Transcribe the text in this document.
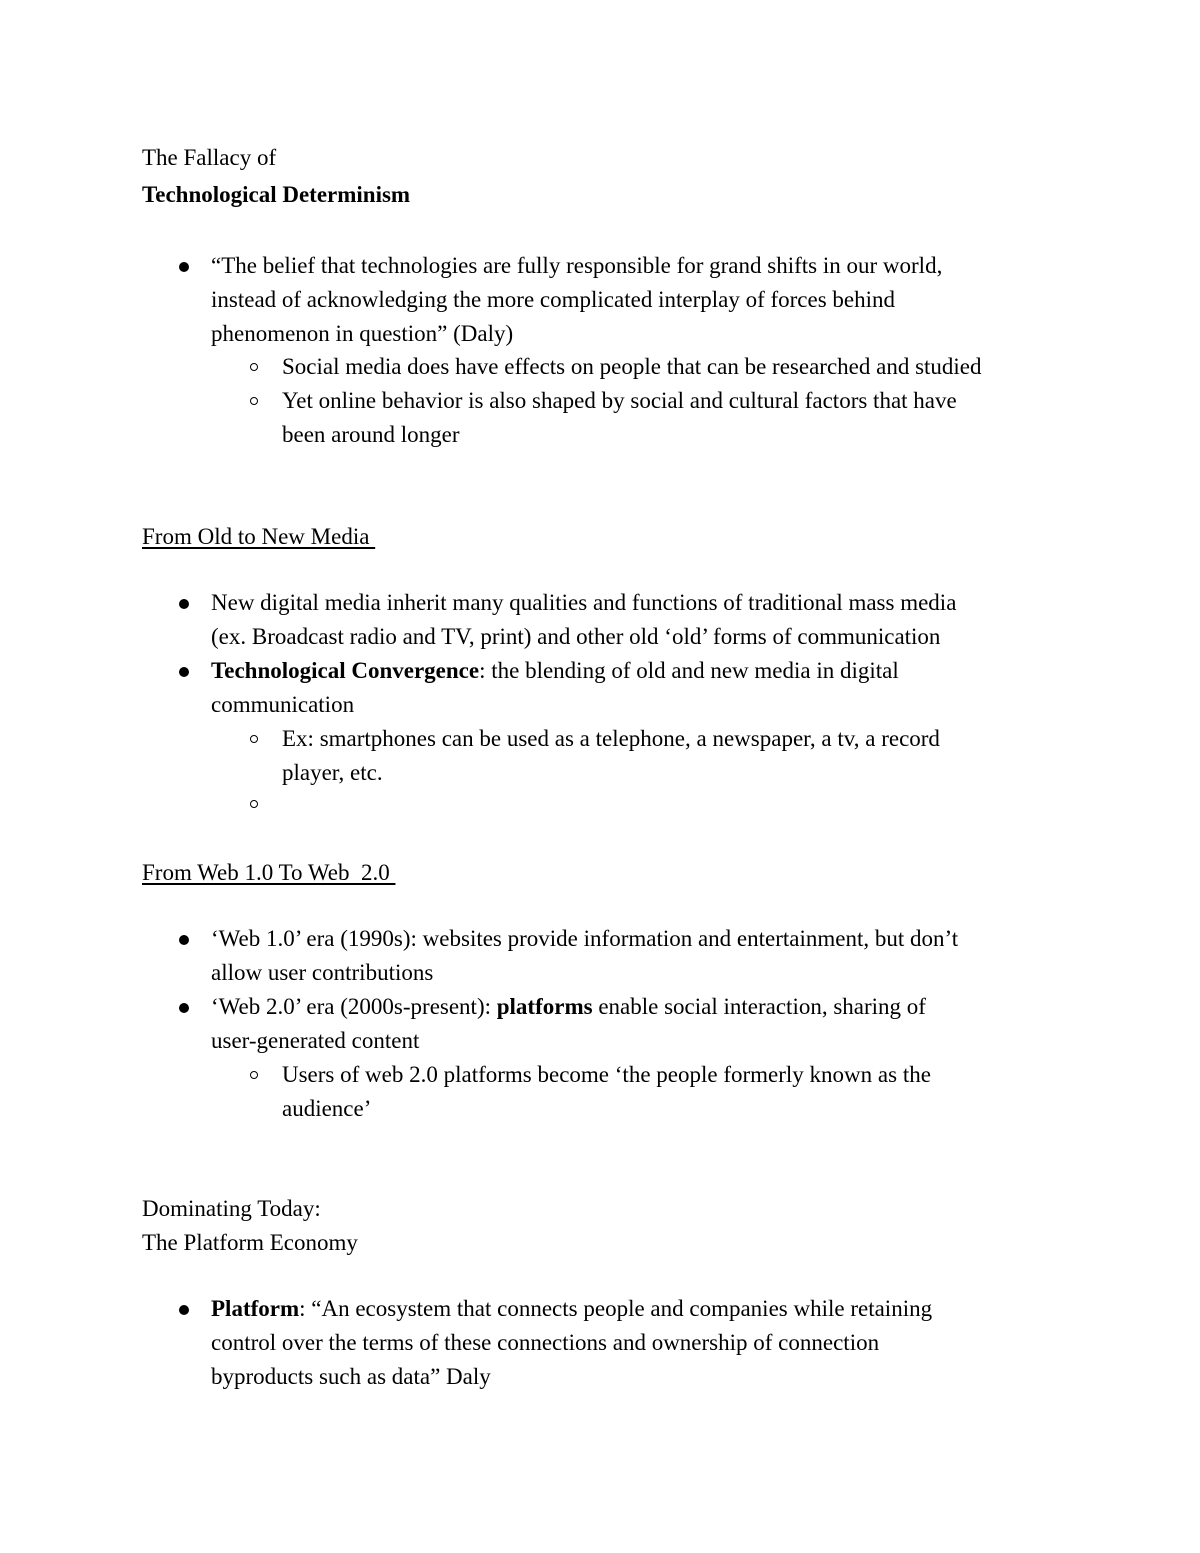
The Fallacy of
Technological Determinism
“The belief that technologies are fully responsible for grand shifts in our world,
instead of acknowledging the more complicated interplay of forces behind
phenomenon in question” (Daly)
Social media does have effects on people that can be researched and studied
Yet online behavior is also shaped by social and cultural factors that have
been around longer
From Old to New Media
New digital media inherit many qualities and functions of traditional mass media
(ex. Broadcast radio and TV, print) and other old ‘old’ forms of communication
Technological Convergence: the blending of old and new media in digital
communication
Ex: smartphones can be used as a telephone, a newspaper, a tv, a record
player, etc.
From Web 1.0 To Web  2.0
‘Web 1.0’ era (1990s): websites provide information and entertainment, but don’t
allow user contributions
‘Web 2.0’ era (2000s-present): platforms enable social interaction, sharing of
user-generated content
Users of web 2.0 platforms become ‘the people formerly known as the
audience’
Dominating Today:
The Platform Economy
Platform: “An ecosystem that connects people and companies while retaining
control over the terms of these connections and ownership of connection
byproducts such as data” Daly
